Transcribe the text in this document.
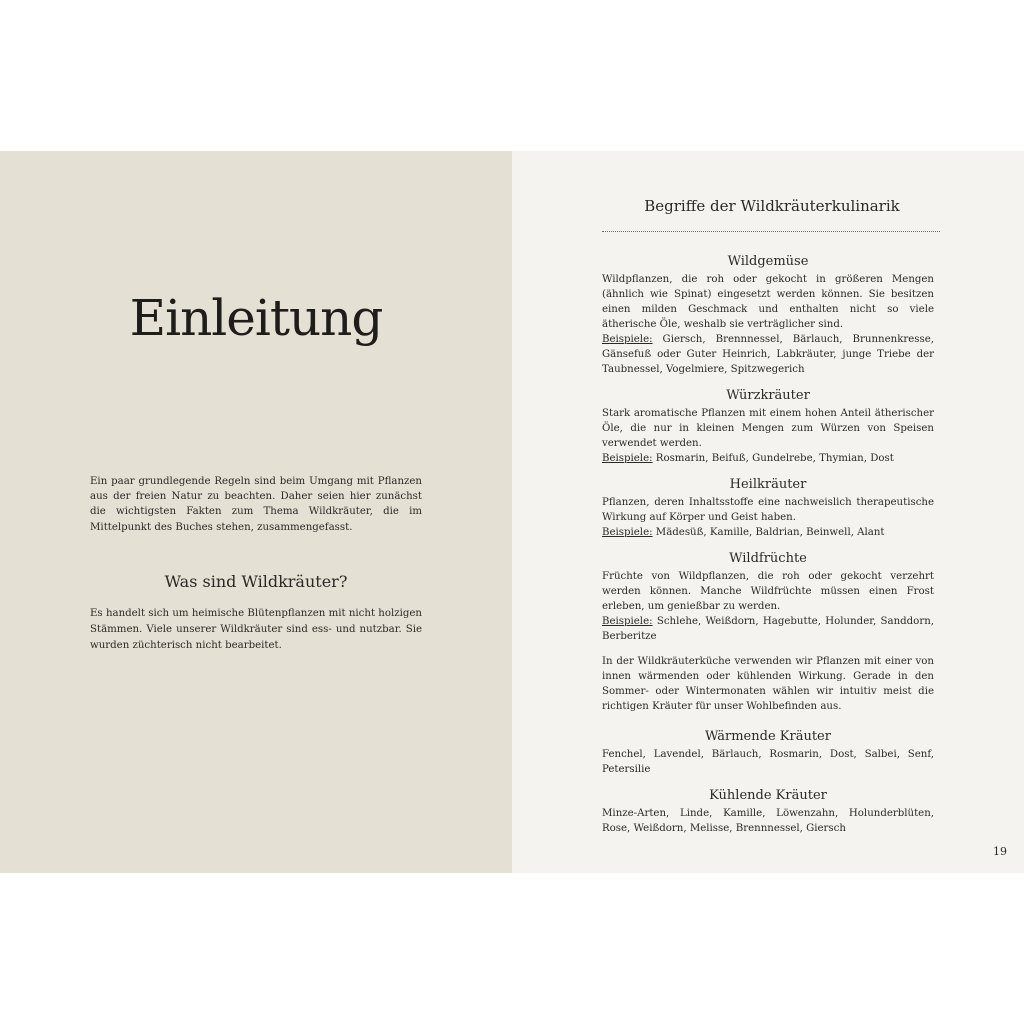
Einleitung

Ein paar grundlegende Regeln sind beim Umgang mit Pflanzen aus der freien Natur zu beachten. Daher seien hier zunächst die wichtigsten Fakten zum Thema Wildkräuter, die im Mittelpunkt des Buches stehen, zusammengefasst.

Was sind Wildkräuter?

Es handelt sich um heimische Blütenpflanzen mit nicht holzigen Stämmen. Viele unserer Wildkräuter sind ess- und nutzbar. Sie wurden züchterisch nicht bearbeitet.

Begriffe der Wildkräuterkulinarik
Wildgemüse

Wildpflanzen, die roh oder gekocht in größeren Mengen (ähnlich wie Spinat) eingesetzt werden können. Sie besitzen einen milden Geschmack und enthalten nicht so viele ätherische Öle, weshalb sie verträglicher sind.
Beispiele: Giersch, Brennnessel, Bärlauch, Brunnenkresse, Gänsefuß oder Guter Heinrich, Labkräuter, junge Triebe der Taubnessel, Vogelmiere, Spitzwegerich

Würzkräuter

Stark aromatische Pflanzen mit einem hohen Anteil ätherischer Öle, die nur in kleinen Mengen zum Würzen von Speisen verwendet werden.
Beispiele: Rosmarin, Beifuß, Gundelrebe, Thymian, Dost

Heilkräuter

Pflanzen, deren Inhaltsstoffe eine nachweislich therapeutische Wirkung auf Körper und Geist haben.
Beispiele: Mädesüß, Kamille, Baldrian, Beinwell, Alant

Wildfrüchte

Früchte von Wildpflanzen, die roh oder gekocht verzehrt werden können. Manche Wildfrüchte müssen einen Frost erleben, um genießbar zu werden.
Beispiele: Schlehe, Weißdorn, Hagebutte, Holunder, Sanddorn, Berberitze

In der Wildkräuterküche verwenden wir Pflanzen mit einer von innen wärmenden oder kühlenden Wirkung. Gerade in den Sommer- oder Wintermonaten wählen wir intuitiv meist die richtigen Kräuter für unser Wohlbefinden aus.

Wärmende Kräuter

Fenchel, Lavendel, Bärlauch, Rosmarin, Dost, Salbei, Senf, Petersilie

Kühlende Kräuter

Minze-Arten, Linde, Kamille, Löwenzahn, Holunderblüten, Rose, Weißdorn, Melisse, Brennnessel, Giersch

19
